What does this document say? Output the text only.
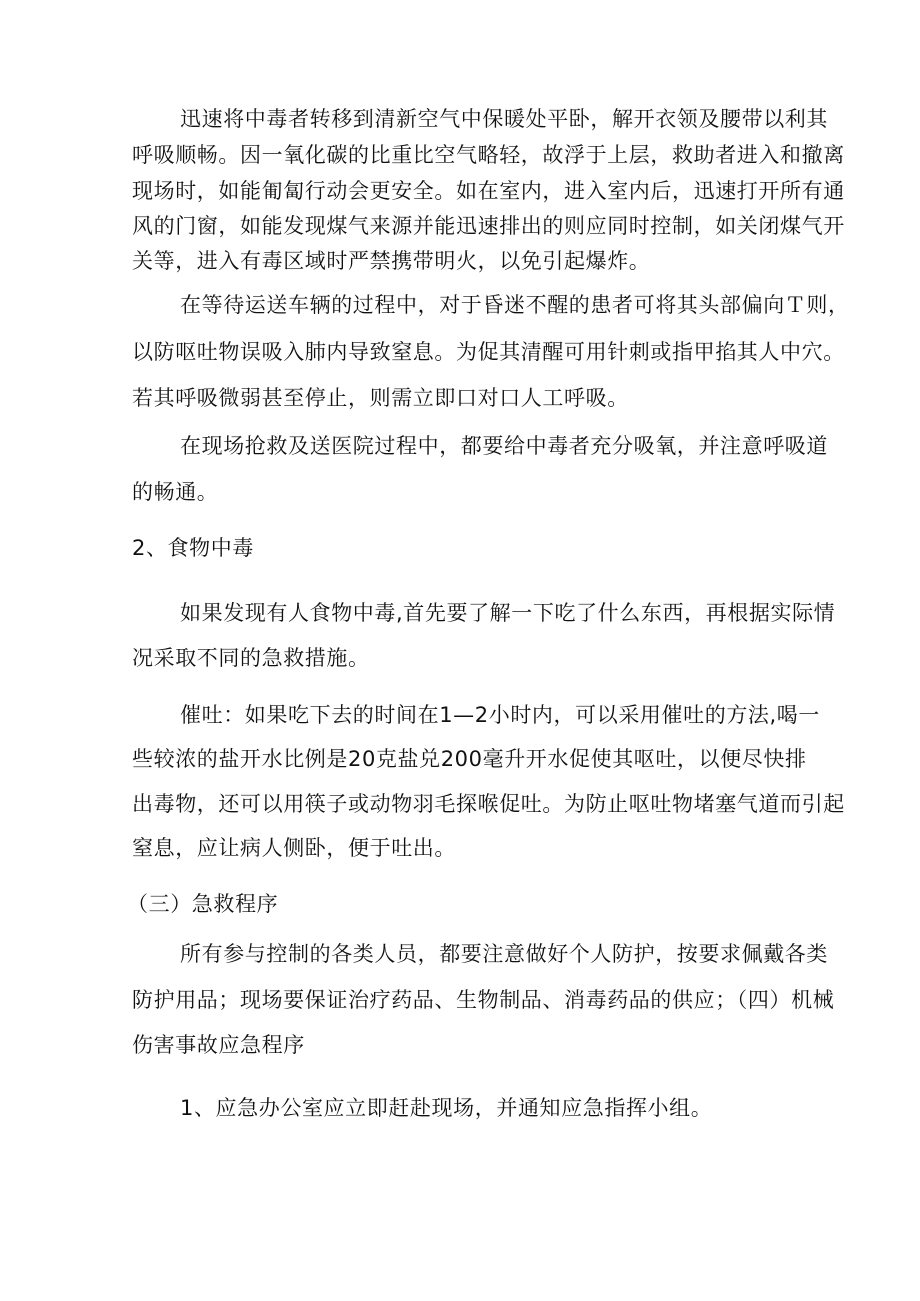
迅速将中毒者转移到清新空气中保暖处平卧，解开衣领及腰带以利其
呼吸顺畅。因一氧化碳的比重比空气略轻，故浮于上层，救助者进入和撤离
现场时，如能匍匐行动会更安全。如在室内，进入室内后，迅速打开所有通
风的门窗，如能发现煤气来源并能迅速排出的则应同时控制，如关闭煤气开
关等，进入有毒区域时严禁携带明火，以免引起爆炸。
在等待运送车辆的过程中，对于昏迷不醒的患者可将其头部偏向Ｔ则，
以防呕吐物误吸入肺内导致窒息。为促其清醒可用针刺或指甲掐其人中穴。
若其呼吸微弱甚至停止，则需立即口对口人工呼吸。
在现场抢救及送医院过程中，都要给中毒者充分吸氧，并注意呼吸道
的畅通。
2、食物中毒
如果发现有人食物中毒,首先要了解一下吃了什么东西，再根据实际情
况采取不同的急救措施。
催吐：如果吃下去的时间在1—2小时内，可以采用催吐的方法,喝一
些较浓的盐开水比例是20克盐兑200毫升开水促使其呕吐，以便尽快排
出毒物，还可以用筷子或动物羽毛探喉促吐。为防止呕吐物堵塞气道而引起
窒息，应让病人侧卧，便于吐出。
（三）急救程序
所有参与控制的各类人员，都要注意做好个人防护，按要求佩戴各类
防护用品；现场要保证治疗药品、生物制品、消毒药品的供应；（四）机械
伤害事故应急程序
1、应急办公室应立即赶赴现场，并通知应急指挥小组。
